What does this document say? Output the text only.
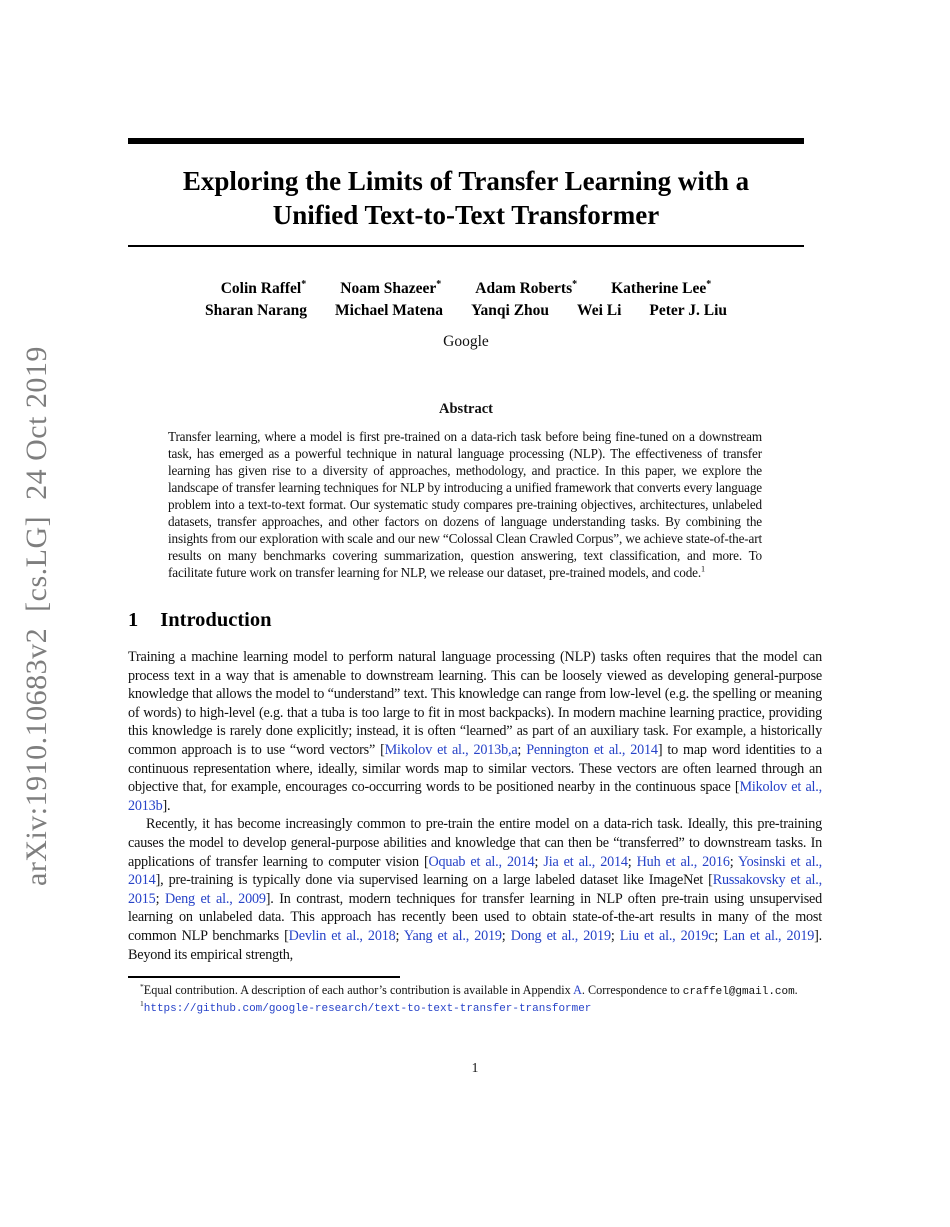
arXiv:1910.10683v2  [cs.LG]  24 Oct 2019
Exploring the Limits of Transfer Learning with a
Unified Text-to-Text Transformer
Colin Raffel* Noam Shazeer* Adam Roberts* Katherine Lee*
Sharan Narang Michael Matena Yanqi Zhou Wei Li Peter J. Liu
Google
Abstract

Transfer learning, where a model is first pre-trained on a data-rich task before being fine-tuned on a downstream task, has emerged as a powerful technique in natural language processing (NLP). The effectiveness of transfer learning has given rise to a diversity of approaches, methodology, and practice. In this paper, we explore the landscape of transfer learning techniques for NLP by introducing a unified framework that converts every language problem into a text-to-text format. Our systematic study compares pre-training objectives, architectures, unlabeled datasets, transfer approaches, and other factors on dozens of language understanding tasks. By combining the insights from our exploration with scale and our new “Colossal Clean Crawled Corpus”, we achieve state-of-the-art results on many benchmarks covering summarization, question answering, text classification, and more. To facilitate future work on transfer learning for NLP, we release our dataset, pre-trained models, and code.$^1$

1 Introduction

Training a machine learning model to perform natural language processing (NLP) tasks often requires that the model can process text in a way that is amenable to downstream learning. This can be loosely viewed as developing general-purpose knowledge that allows the model to “understand” text. This knowledge can range from low-level (e.g. the spelling or meaning of words) to high-level (e.g. that a tuba is too large to fit in most backpacks). In modern machine learning practice, providing this knowledge is rarely done explicitly; instead, it is often “learned” as part of an auxiliary task. For example, a historically common approach is to use “word vectors” [Mikolov et al., 2013b,a; Pennington et al., 2014] to map word identities to a continuous representation where, ideally, similar words map to similar vectors. These vectors are often learned through an objective that, for example, encourages co-occurring words to be positioned nearby in the continuous space [Mikolov et al., 2013b].

Recently, it has become increasingly common to pre-train the entire model on a data-rich task. Ideally, this pre-training causes the model to develop general-purpose abilities and knowledge that can then be “transferred” to downstream tasks. In applications of transfer learning to computer vision [Oquab et al., 2014; Jia et al., 2014; Huh et al., 2016; Yosinski et al., 2014], pre-training is typically done via supervised learning on a large labeled dataset like ImageNet [Russakovsky et al., 2015; Deng et al., 2009]. In contrast, modern techniques for transfer learning in NLP often pre-train using unsupervised learning on unlabeled data. This approach has recently been used to obtain state-of-the-art results in many of the most common NLP benchmarks [Devlin et al., 2018; Yang et al., 2019; Dong et al., 2019; Liu et al., 2019c; Lan et al., 2019]. Beyond its empirical strength,

*Equal contribution. A description of each author’s contribution is available in Appendix A. Correspondence to craffel@gmail.com.

$^1$https://github.com/google-research/text-to-text-transfer-transformer

1
